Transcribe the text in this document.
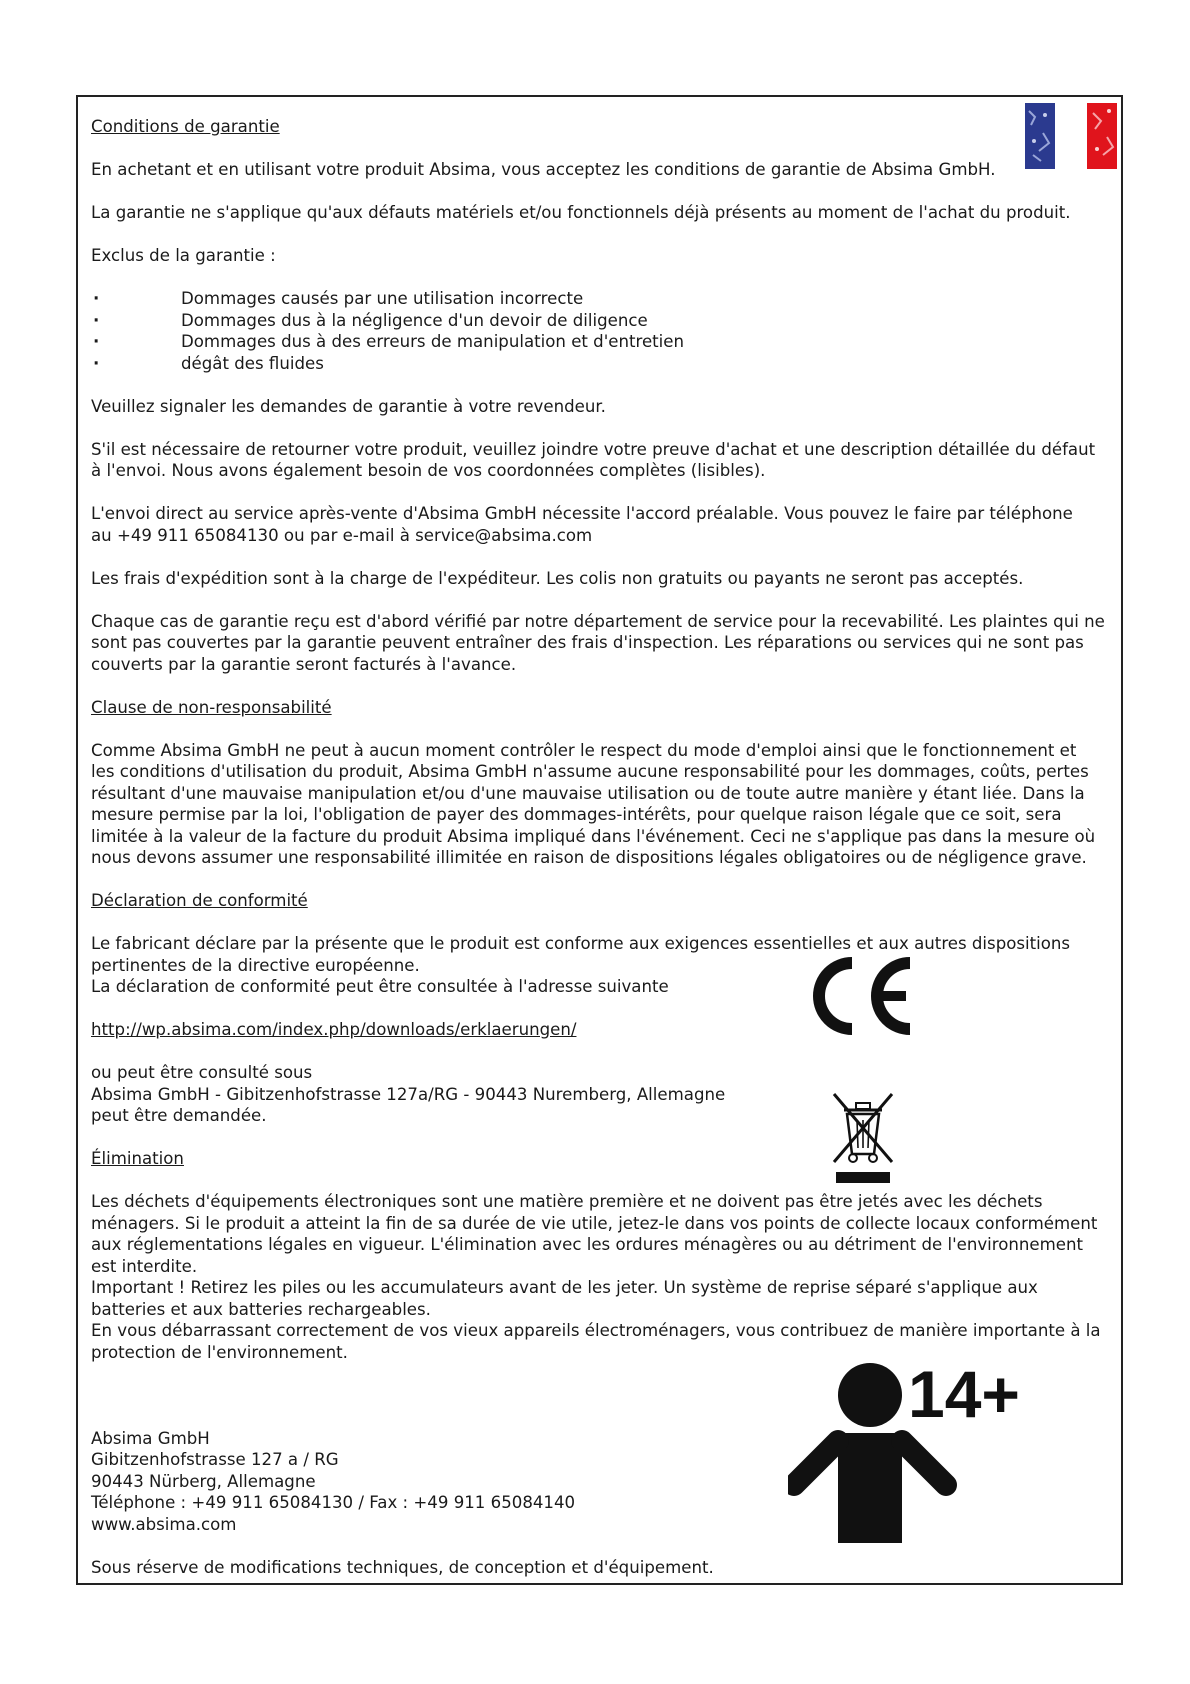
Conditions de garantie

En achetant et en utilisant votre produit Absima, vous acceptez les conditions de garantie de Absima GmbH.

La garantie ne s'applique qu'aux défauts matériels et/ou fonctionnels déjà présents au moment de l'achat du produit.

Exclus de la garantie :

· Dommages causés par une utilisation incorrecte
· Dommages dus à la négligence d'un devoir de diligence
· Dommages dus à des erreurs de manipulation et d'entretien
· dégât des fluides

Veuillez signaler les demandes de garantie à votre revendeur.

S'il est nécessaire de retourner votre produit, veuillez joindre votre preuve d'achat et une description détaillée du défaut
à l'envoi. Nous avons également besoin de vos coordonnées complètes (lisibles).

L'envoi direct au service après-vente d'Absima GmbH nécessite l'accord préalable. Vous pouvez le faire par téléphone
au +49 911 65084130 ou par e-mail à service@absima.com

Les frais d'expédition sont à la charge de l'expéditeur. Les colis non gratuits ou payants ne seront pas acceptés.

Chaque cas de garantie reçu est d'abord vérifié par notre département de service pour la recevabilité. Les plaintes qui ne
sont pas couvertes par la garantie peuvent entraîner des frais d'inspection. Les réparations ou services qui ne sont pas
couverts par la garantie seront facturés à l'avance.

Clause de non-responsabilité

Comme Absima GmbH ne peut à aucun moment contrôler le respect du mode d'emploi ainsi que le fonctionnement et
les conditions d'utilisation du produit, Absima GmbH n'assume aucune responsabilité pour les dommages, coûts, pertes
résultant d'une mauvaise manipulation et/ou d'une mauvaise utilisation ou de toute autre manière y étant liée. Dans la
mesure permise par la loi, l'obligation de payer des dommages-intérêts, pour quelque raison légale que ce soit, sera
limitée à la valeur de la facture du produit Absima impliqué dans l'événement. Ceci ne s'applique pas dans la mesure où
nous devons assumer une responsabilité illimitée en raison de dispositions légales obligatoires ou de négligence grave.

Déclaration de conformité

Le fabricant déclare par la présente que le produit est conforme aux exigences essentielles et aux autres dispositions
pertinentes de la directive européenne.
La déclaration de conformité peut être consultée à l'adresse suivante

http://wp.absima.com/index.php/downloads/erklaerungen/

ou peut être consulté sous
Absima GmbH - Gibitzenhofstrasse 127a/RG - 90443 Nuremberg, Allemagne
peut être demandée.

Élimination

Les déchets d'équipements électroniques sont une matière première et ne doivent pas être jetés avec les déchets
ménagers. Si le produit a atteint la fin de sa durée de vie utile, jetez-le dans vos points de collecte locaux conformément
aux réglementations légales en vigueur. L'élimination avec les ordures ménagères ou au détriment de l'environnement
est interdite.
Important ! Retirez les piles ou les accumulateurs avant de les jeter. Un système de reprise séparé s'applique aux
batteries et aux batteries rechargeables.
En vous débarrassant correctement de vos vieux appareils électroménagers, vous contribuez de manière importante à la
protection de l'environnement.

Absima GmbH
Gibitzenhofstrasse 127 a / RG
90443 Nürberg, Allemagne
Téléphone : +49 911 65084130 / Fax : +49 911 65084140
www.absima.com

Sous réserve de modifications techniques, de conception et d'équipement.

14+
